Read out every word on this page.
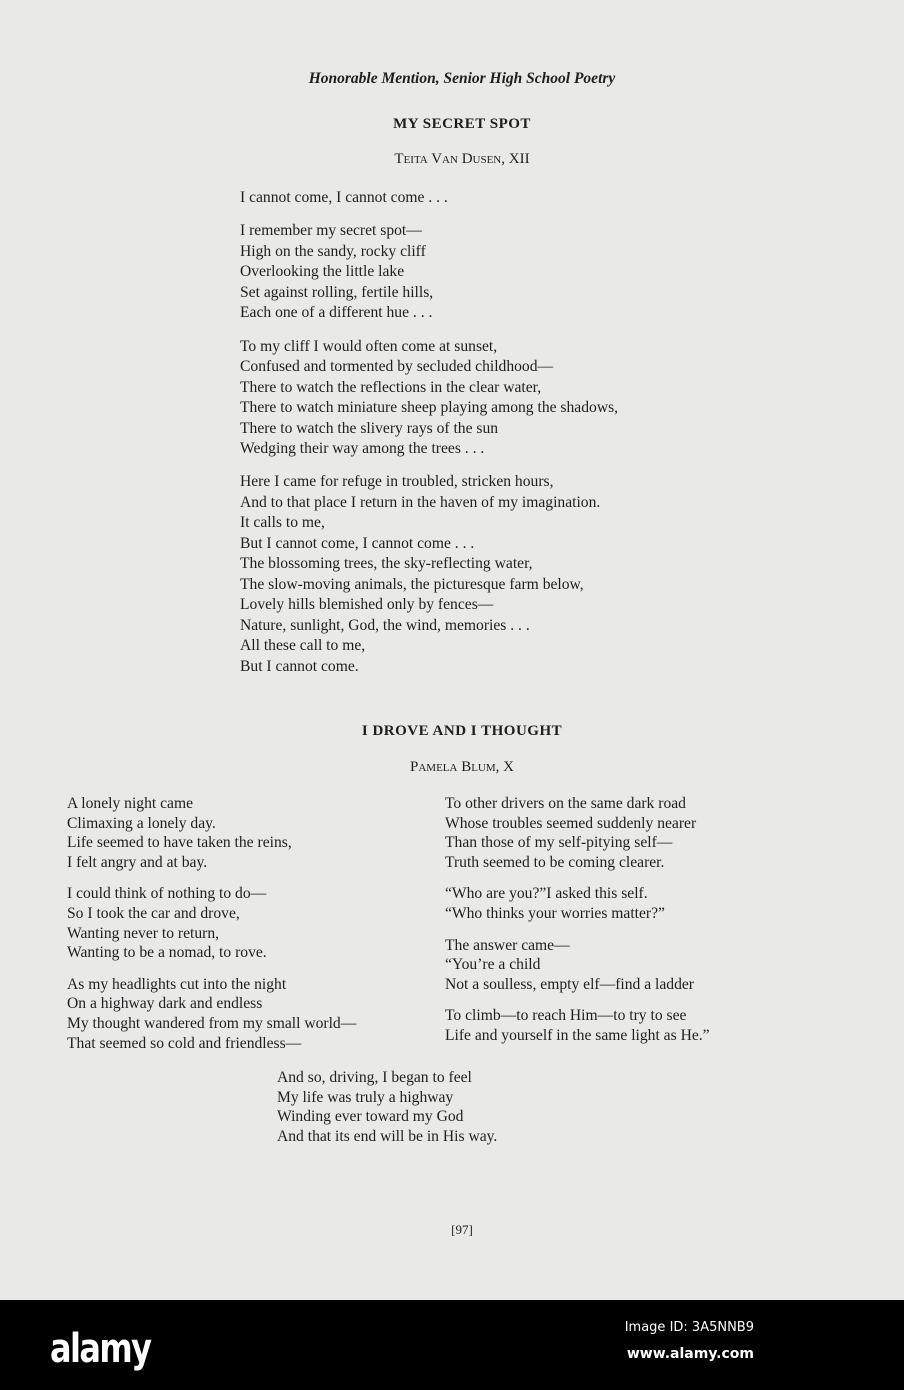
Honorable Mention, Senior High School Poetry
MY SECRET SPOT
Teita Van Dusen, XII
I cannot come, I cannot come . . .
I remember my secret spot—
High on the sandy, rocky cliff
Overlooking the little lake
Set against rolling, fertile hills,
Each one of a different hue . . .
To my cliff I would often come at sunset,
Confused and tormented by secluded childhood—
There to watch the reflections in the clear water,
There to watch miniature sheep playing among the shadows,
There to watch the slivery rays of the sun
Wedging their way among the trees . . .
Here I came for refuge in troubled, stricken hours,
And to that place I return in the haven of my imagination.
It calls to me,
But I cannot come, I cannot come . . .
The blossoming trees, the sky-reflecting water,
The slow-moving animals, the picturesque farm below,
Lovely hills blemished only by fences—
Nature, sunlight, God, the wind, memories . . .
All these call to me,
But I cannot come.
I DROVE AND I THOUGHT
Pamela Blum, X
A lonely night came
Climaxing a lonely day.
Life seemed to have taken the reins,
I felt angry and at bay.
I could think of nothing to do—
So I took the car and drove,
Wanting never to return,
Wanting to be a nomad, to rove.
As my headlights cut into the night
On a highway dark and endless
My thought wandered from my small world—
That seemed so cold and friendless—
To other drivers on the same dark road
Whose troubles seemed suddenly nearer
Than those of my self-pitying self—
Truth seemed to be coming clearer.
“Who are you?”I asked this self.
“Who thinks your worries matter?”
The answer came—
“You’re a child
Not a soulless, empty elf—find a ladder
To climb—to reach Him—to try to see
Life and yourself in the same light as He.”
And so, driving, I began to feel
My life was truly a highway
Winding ever toward my God
And that its end will be in His way.
[97]
alamy	Image ID: 3A5NNB9
www.alamy.com
